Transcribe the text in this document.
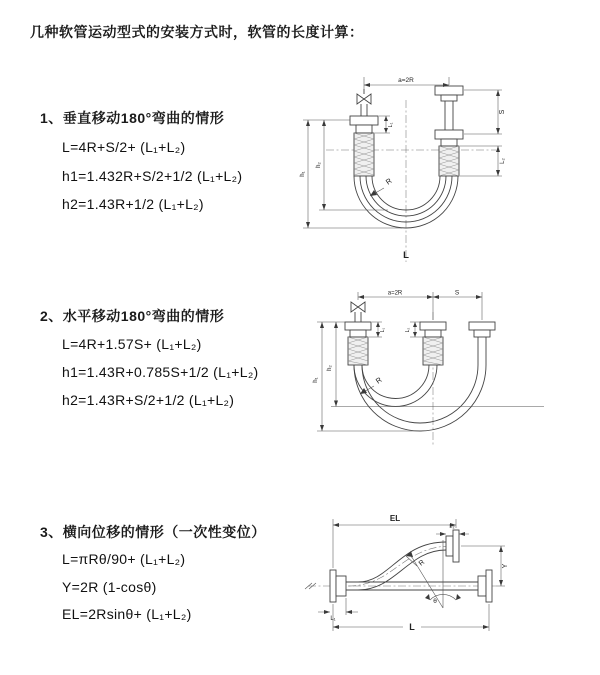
几种软管运动型式的安装方式时，软管的长度计算：
1、垂直移动180°弯曲的情形
L=4R+S/2+ (L₁+L₂)
h1=1.432R+S/2+1/2 (L₁+L₂)
h2=1.43R+1/2 (L₁+L₂)
2、水平移动180°弯曲的情形
L=4R+1.57S+ (L₁+L₂)
h1=1.43R+0.785S+1/2 (L₁+L₂)
h2=1.43R+S/2+1/2 (L₁+L₂)
3、横向位移的情形（一次性变位）
L=πRθ/90+ (L₁+L₂)
Y=2R (1-cosθ)
EL=2Rsinθ+ (L₁+L₂)
a=2R
S
L₂
h₁
h₂
L₁
R
L
a=2R	S
h₁
h₂
L₁	L₂
R
EL
L₂
Y
L
L₁
R
θ
